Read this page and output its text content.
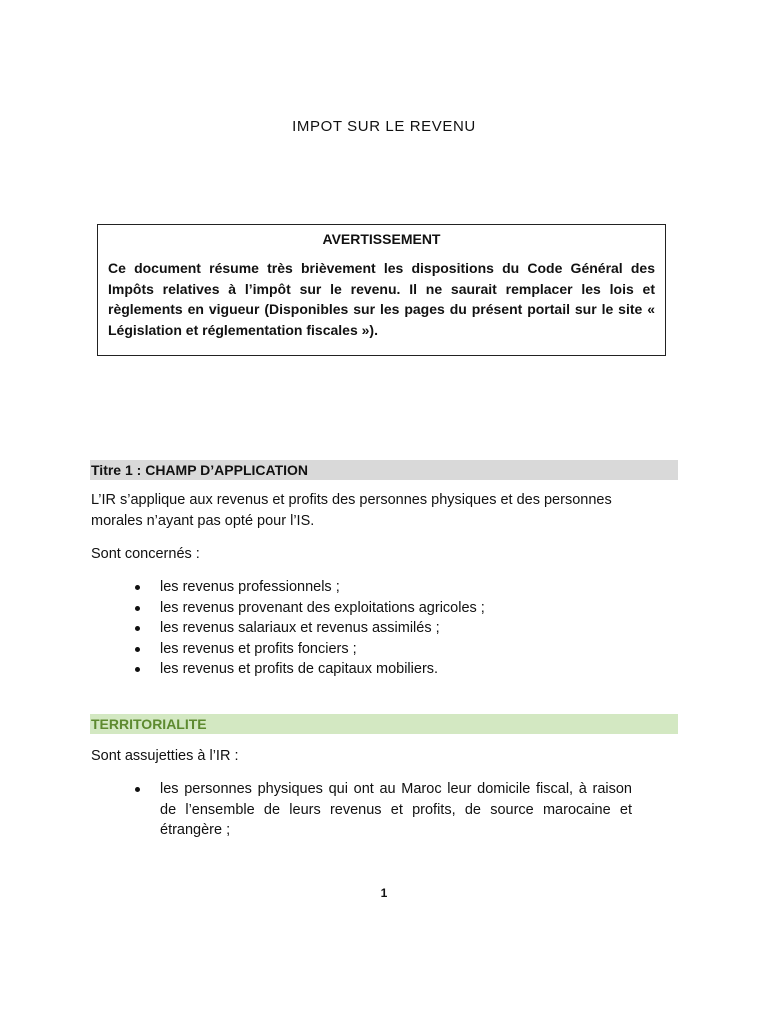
IMPOT SUR LE REVENU
AVERTISSEMENT
Ce document résume très brièvement les dispositions du Code Général des Impôts relatives à l’impôt sur le revenu. Il ne saurait remplacer les lois et règlements en vigueur (Disponibles sur les pages du présent portail sur le site « Législation et réglementation fiscales »).
Titre 1 : CHAMP D’APPLICATION
L’IR s’applique aux revenus et profits des personnes physiques et des personnes morales n’ayant pas opté pour l’IS.
Sont concernés :
les revenus professionnels ;
les revenus provenant des exploitations agricoles ;
les revenus salariaux et revenus assimilés ;
les revenus et profits fonciers ;
les revenus et profits de capitaux mobiliers.
TERRITORIALITE
Sont assujetties à l’IR :
les personnes physiques qui ont au Maroc leur domicile fiscal, à raison de l’ensemble de leurs revenus et profits, de source marocaine et étrangère ;
1
